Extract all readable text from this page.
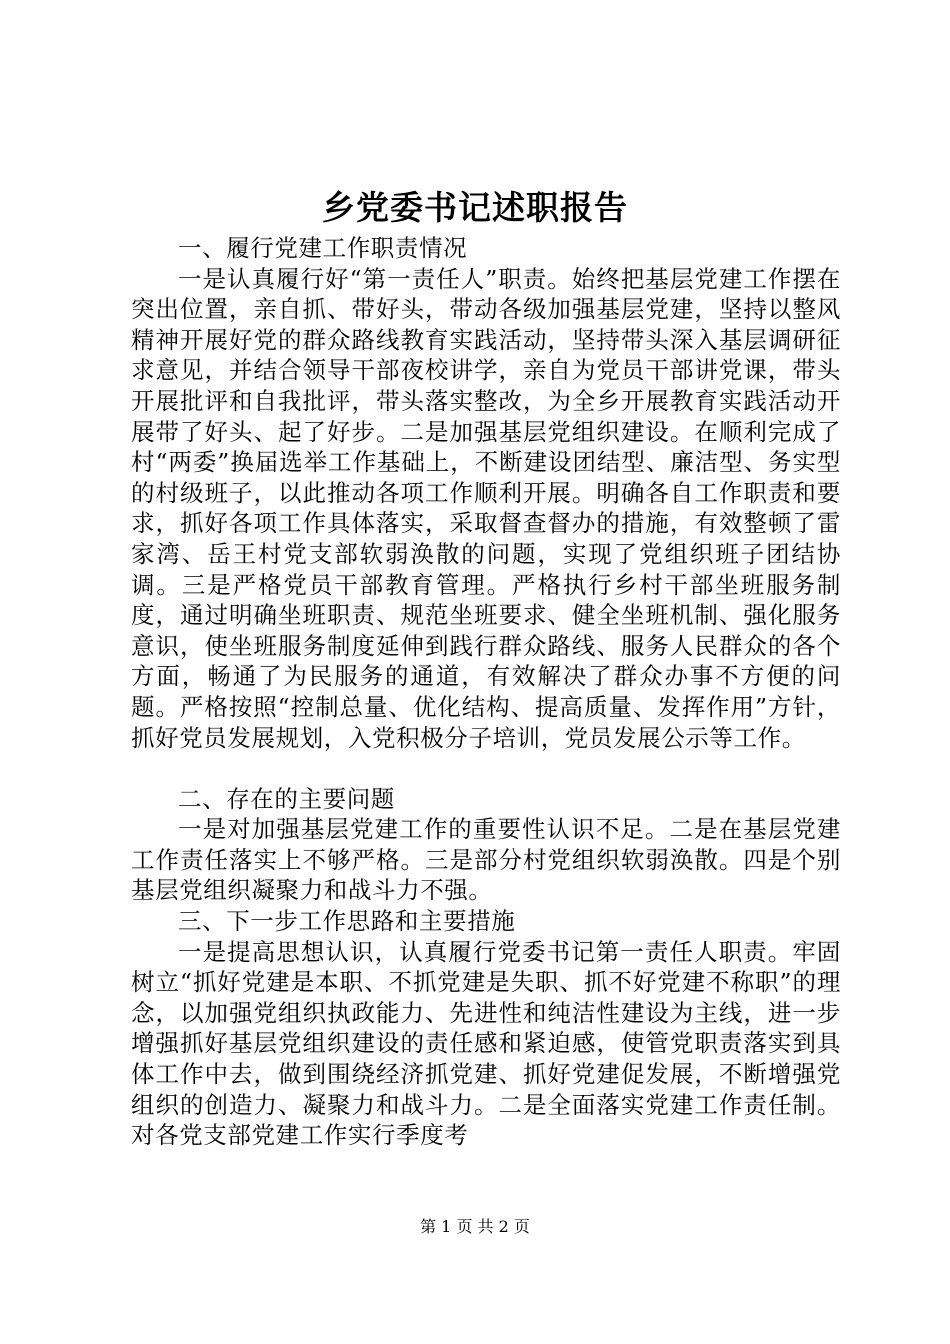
乡党委书记述职报告

一、履行党建工作职责情况

一是认真履行好“第一责任人”职责。始终把基层党建工作摆在突出位置，亲自抓、带好头，带动各级加强基层党建，坚持以整风精神开展好党的群众路线教育实践活动，坚持带头深入基层调研征求意见，并结合领导干部夜校讲学，亲自为党员干部讲党课，带头开展批评和自我批评，带头落实整改，为全乡开展教育实践活动开展带了好头、起了好步。二是加强基层党组织建设。在顺利完成了村“两委”换届选举工作基础上，不断建设团结型、廉洁型、务实型的村级班子，以此推动各项工作顺利开展。明确各自工作职责和要求，抓好各项工作具体落实，采取督查督办的措施，有效整顿了雷家湾、岳王村党支部软弱涣散的问题，实现了党组织班子团结协调。三是严格党员干部教育管理。严格执行乡村干部坐班服务制度，通过明确坐班职责、规范坐班要求、健全坐班机制、强化服务意识，使坐班服务制度延伸到践行群众路线、服务人民群众的各个方面，畅通了为民服务的通道，有效解决了群众办事不方便的问题。严格按照“控制总量、优化结构、提高质量、发挥作用”方针，抓好党员发展规划，入党积极分子培训，党员发展公示等工作。

二、存在的主要问题

一是对加强基层党建工作的重要性认识不足。二是在基层党建工作责任落实上不够严格。三是部分村党组织软弱涣散。四是个别基层党组织凝聚力和战斗力不强。

三、下一步工作思路和主要措施

一是提高思想认识，认真履行党委书记第一责任人职责。牢固树立“抓好党建是本职、不抓党建是失职、抓不好党建不称职”的理念，以加强党组织执政能力、先进性和纯洁性建设为主线，进一步增强抓好基层党组织建设的责任感和紧迫感，使管党职责落实到具体工作中去，做到围绕经济抓党建、抓好党建促发展，不断增强党组织的创造力、凝聚力和战斗力。二是全面落实党建工作责任制。对各党支部党建工作实行季度考

第 1 页 共 2 页
